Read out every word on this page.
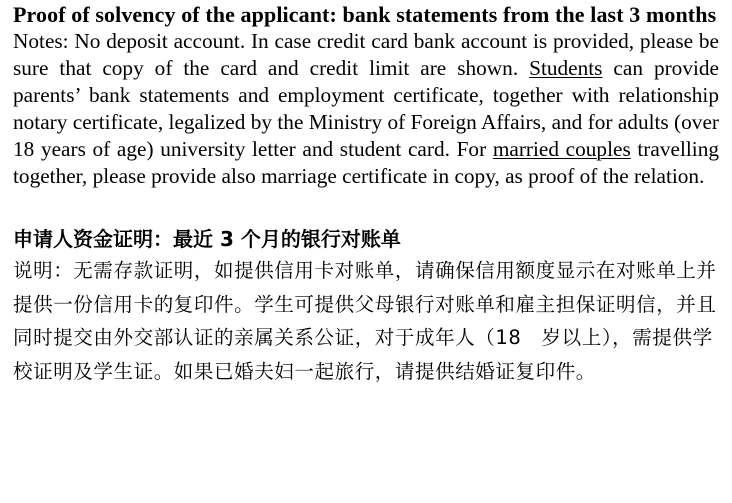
Proof of solvency of the applicant: bank statements from the last 3 months

Notes: No deposit account. In case credit card bank account is provided, please be sure that copy of the card and credit limit are shown. Students can provide parents’ bank statements and employment certificate, together with relationship notary certificate, legalized by the Ministry of Foreign Affairs, and for adults (over 18 years of age) university letter and student card. For married couples travelling together, please provide also marriage certificate in copy, as proof of the relation.

申请人资金证明：最近 3 个月的银行对账单

说明：无需存款证明，如提供信用卡对账单，请确保信用额度显示在对账单上并提供一份信用卡的复印件。学生可提供父母银行对账单和雇主担保证明信，并且同时提交由外交部认证的亲属关系公证，对于成年人（18　岁以上），需提供学校证明及学生证。如果已婚夫妇一起旅行，请提供结婚证复印件。
